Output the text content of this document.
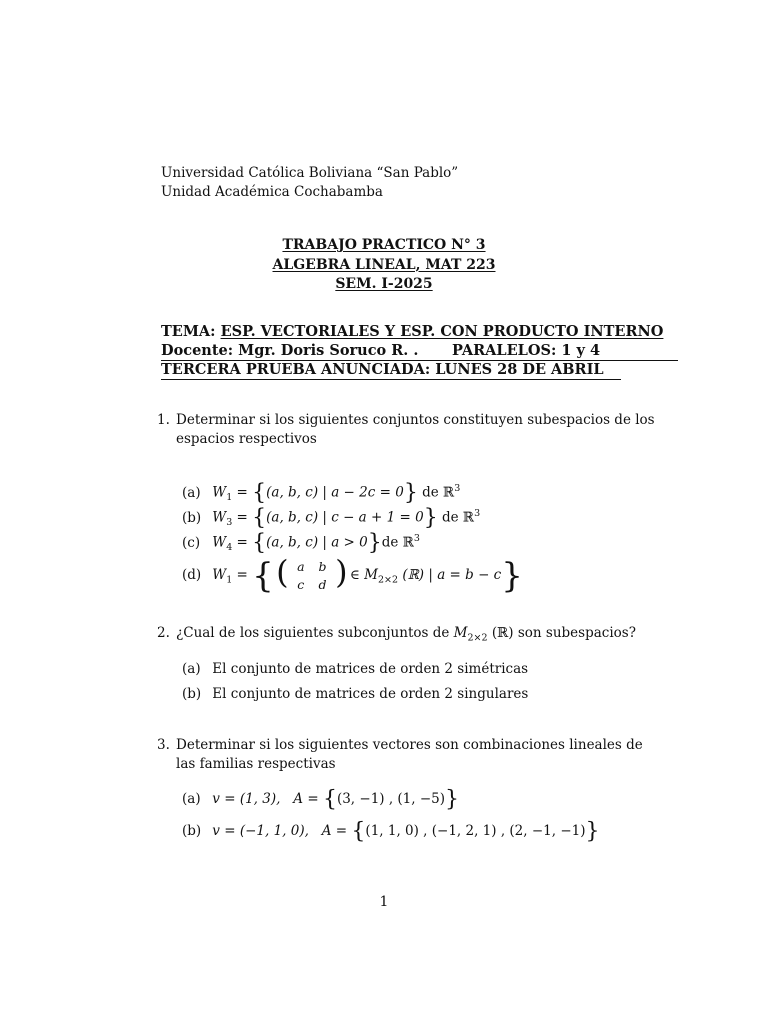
Universidad Católica Boliviana “San Pablo”
Unidad Académica Cochabamba
TRABAJO PRACTICO N° 3
ALGEBRA LINEAL, MAT 223
SEM. I-2025
TEMA: ESP. VECTORIALES Y ESP. CON PRODUCTO INTERNO
Docente: Mgr. Doris Soruco R. . PARALELOS: 1 y 4
TERCERA PRUEBA ANUNCIADA: LUNES 28 DE ABRIL
1. Determinar si los siguientes conjuntos constituyen subespacios de los espacios respectivos
(a) $W_1 = \{(a$, b, c) | a − 2c = 0} de ℝ$^3$
(b) $W_3 = \{(a$, b, c) | c − a + 1 = 0} de ℝ$^3$
(c) $W_4 = \{(a$, b, c) | a > 0}de ℝ$^3$
(d) $W_1$ = { ( a	b
c	d ) ∈ $M_{2\times 2}$ (ℝ) | a = b − c}
2. ¿Cual de los siguientes subconjuntos de $M_{2\times 2}$ (ℝ) son subespacios?
(a) El conjunto de matrices de orden 2 simétricas
(b) El conjunto de matrices de orden 2 singulares
3. Determinar si los siguientes vectores son combinaciones lineales de las familias respectivas
(a) v = (1, 3), A = {(3, −1) , (1, −5)}
(b) v = (−1, 1, 0), A = {(1, 1, 0) , (−1, 2, 1) , (2, −1, −1)}
1
